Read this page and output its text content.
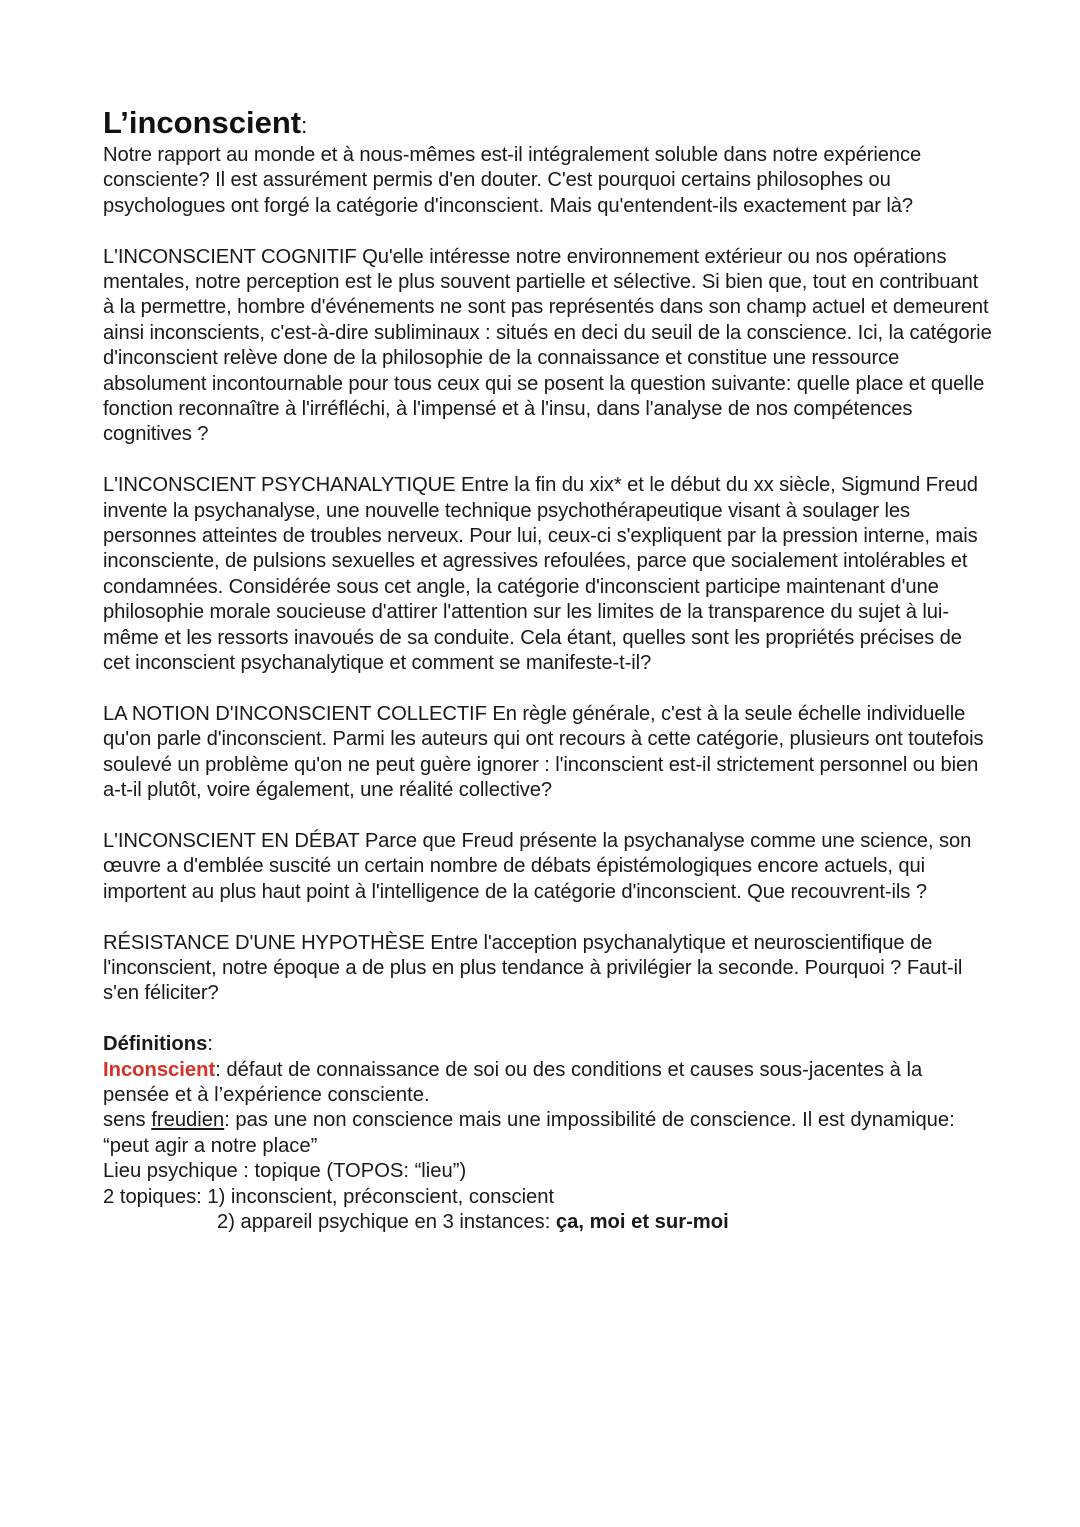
L’inconscient:

Notre rapport au monde et à nous-mêmes est-il intégralement soluble dans notre expérience consciente? Il est assurément permis d'en douter. C'est pourquoi certains philosophes ou psychologues ont forgé la catégorie d'inconscient. Mais qu'entendent-ils exactement par là?

L'INCONSCIENT COGNITIF Qu'elle intéresse notre environnement extérieur ou nos opérations mentales, notre perception est le plus souvent partielle et sélective. Si bien que, tout en contribuant à la permettre, hombre d'événements ne sont pas représentés dans son champ actuel et demeurent ainsi inconscients, c'est-à-dire subliminaux : situés en deci du seuil de la conscience. Ici, la catégorie d'inconscient relève done de la philosophie de la connaissance et constitue une ressource absolument incontournable pour tous ceux qui se posent la question suivante: quelle place et quelle fonction reconnaître à l'irréfléchi, à l'impensé et à l'insu, dans l'analyse de nos compétences cognitives ?

L'INCONSCIENT PSYCHANALYTIQUE Entre la fin du xix* et le début du xx siècle, Sigmund Freud invente la psychanalyse, une nouvelle technique psychothérapeutique visant à soulager les personnes atteintes de troubles nerveux. Pour lui, ceux-ci s'expliquent par la pression interne, mais inconsciente, de pulsions sexuelles et agressives refoulées, parce que socialement intolérables et condamnées. Considérée sous cet angle, la catégorie d'inconscient participe maintenant d'une philosophie morale soucieuse d'attirer l'attention sur les limites de la transparence du sujet à lui-même et les ressorts inavoués de sa conduite. Cela étant, quelles sont les propriétés précises de cet inconscient psychanalytique et comment se manifeste-t-il?

LA NOTION D'INCONSCIENT COLLECTIF En règle générale, c'est à la seule échelle individuelle qu'on parle d'inconscient. Parmi les auteurs qui ont recours à cette catégorie, plusieurs ont toutefois soulevé un problème qu'on ne peut guère ignorer : l'inconscient est-il strictement personnel ou bien a-t-il plutôt, voire également, une réalité collective?

L'INCONSCIENT EN DÉBAT Parce que Freud présente la psychanalyse comme une science, son œuvre a d'emblée suscité un certain nombre de débats épistémologiques encore actuels, qui importent au plus haut point à l'intelligence de la catégorie d'inconscient. Que recouvrent-ils ?

RÉSISTANCE D'UNE HYPOTHÈSE Entre l'acception psychanalytique et neuroscientifique de l'inconscient, notre époque a de plus en plus tendance à privilégier la seconde. Pourquoi ? Faut-il s'en féliciter?

Définitions:

Inconscient: défaut de connaissance de soi ou des conditions et causes sous-jacentes à la pensée et à l’expérience consciente.

sens freudien: pas une non conscience mais une impossibilité de conscience. Il est dynamique: “peut agir a notre place”

Lieu psychique : topique (TOPOS: “lieu”)

2 topiques: 1) inconscient, préconscient, conscient

2) appareil psychique en 3 instances: ça, moi et sur-moi
